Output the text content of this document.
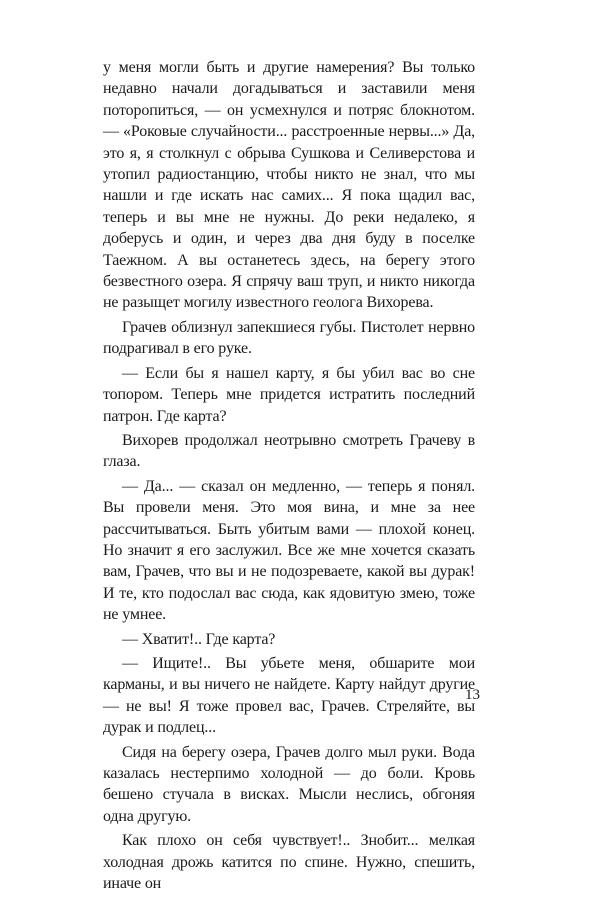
у меня могли быть и другие намерения? Вы только недавно начали догадываться и заставили меня поторопиться, — он усмехнулся и потряс блокнотом. — «Роковые случайности... расстроенные нервы...» Да, это я, я столкнул с обрыва Сушкова и Селиверстова и утопил радиостанцию, чтобы никто не знал, что мы нашли и где искать нас самих... Я пока щадил вас, теперь и вы мне не нужны. До реки недалеко, я доберусь и один, и через два дня буду в поселке Таежном. А вы останетесь здесь, на берегу этого безвестного озера. Я спрячу ваш труп, и никто никогда не разыщет могилу известного геолога Вихорева.

Грачев облизнул запекшиеся губы. Пистолет нервно подрагивал в его руке.

— Если бы я нашел карту, я бы убил вас во сне топором. Теперь мне придется истратить последний патрон. Где карта?

Вихорев продолжал неотрывно смотреть Грачеву в глаза.

— Да... — сказал он медленно, — теперь я понял. Вы провели меня. Это моя вина, и мне за нее рассчитываться. Быть убитым вами — плохой конец. Но значит я его заслужил. Все же мне хочется сказать вам, Грачев, что вы и не подозреваете, какой вы дурак! И те, кто подослал вас сюда, как ядовитую змею, тоже не умнее.

— Хватит!.. Где карта?

— Ищите!.. Вы убьете меня, обшарите мои карманы, и вы ничего не найдете. Карту найдут другие — не вы! Я тоже провел вас, Грачев. Стреляйте, вы дурак и подлец...

Сидя на берегу озера, Грачев долго мыл руки. Вода казалась нестерпимо холодной — до боли. Кровь бешено стучала в висках. Мысли неслись, обгоняя одна другую.

Как плохо он себя чувствует!.. Знобит... мелкая холодная дрожь катится по спине. Нужно, спешить, иначе он

13
